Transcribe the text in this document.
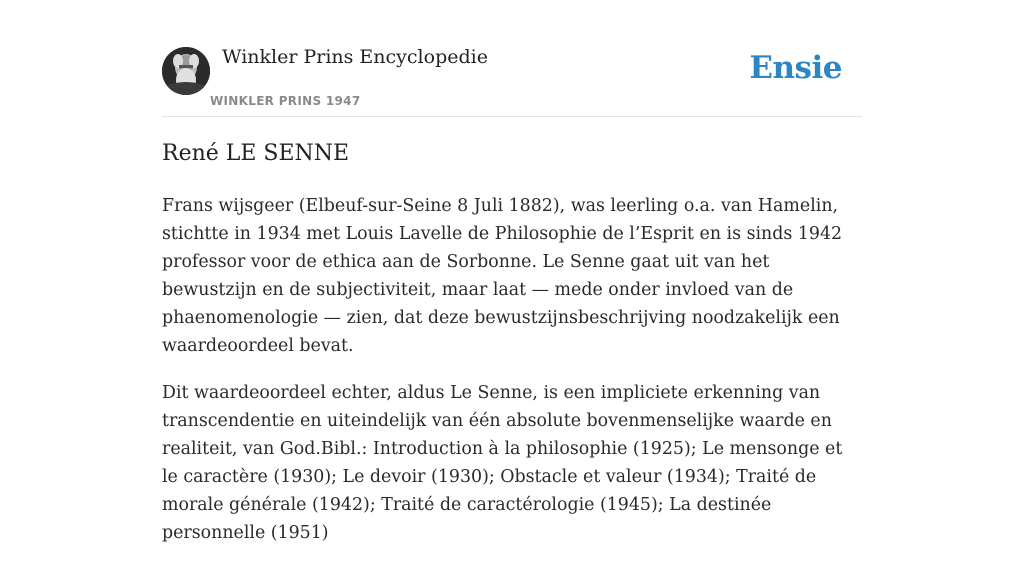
Winkler Prins Encyclopedie
WINKLER PRINS 1947
Ensie
René LE SENNE

Frans wijsgeer (Elbeuf-sur-Seine 8 Juli 1882), was leerling o.a. van Hamelin, stichtte in 1934 met Louis Lavelle de Philosophie de l’Esprit en is sinds 1942 professor voor de ethica aan de Sorbonne. Le Senne gaat uit van het bewustzijn en de subjectiviteit, maar laat — mede onder invloed van de phaenomenologie — zien, dat deze bewustzijnsbeschrijving noodzakelijk een waardeoordeel bevat.

Dit waardeoordeel echter, aldus Le Senne, is een impliciete erkenning van transcendentie en uiteindelijk van één absolute bovenmenselijke waarde en realiteit, van God.Bibl.: Introduction à la philosophie (1925); Le mensonge et le caractère (1930); Le devoir (1930); Obstacle et valeur (1934); Traité de morale générale (1942); Traité de caractérologie (1945); La destinée personnelle (1951)
